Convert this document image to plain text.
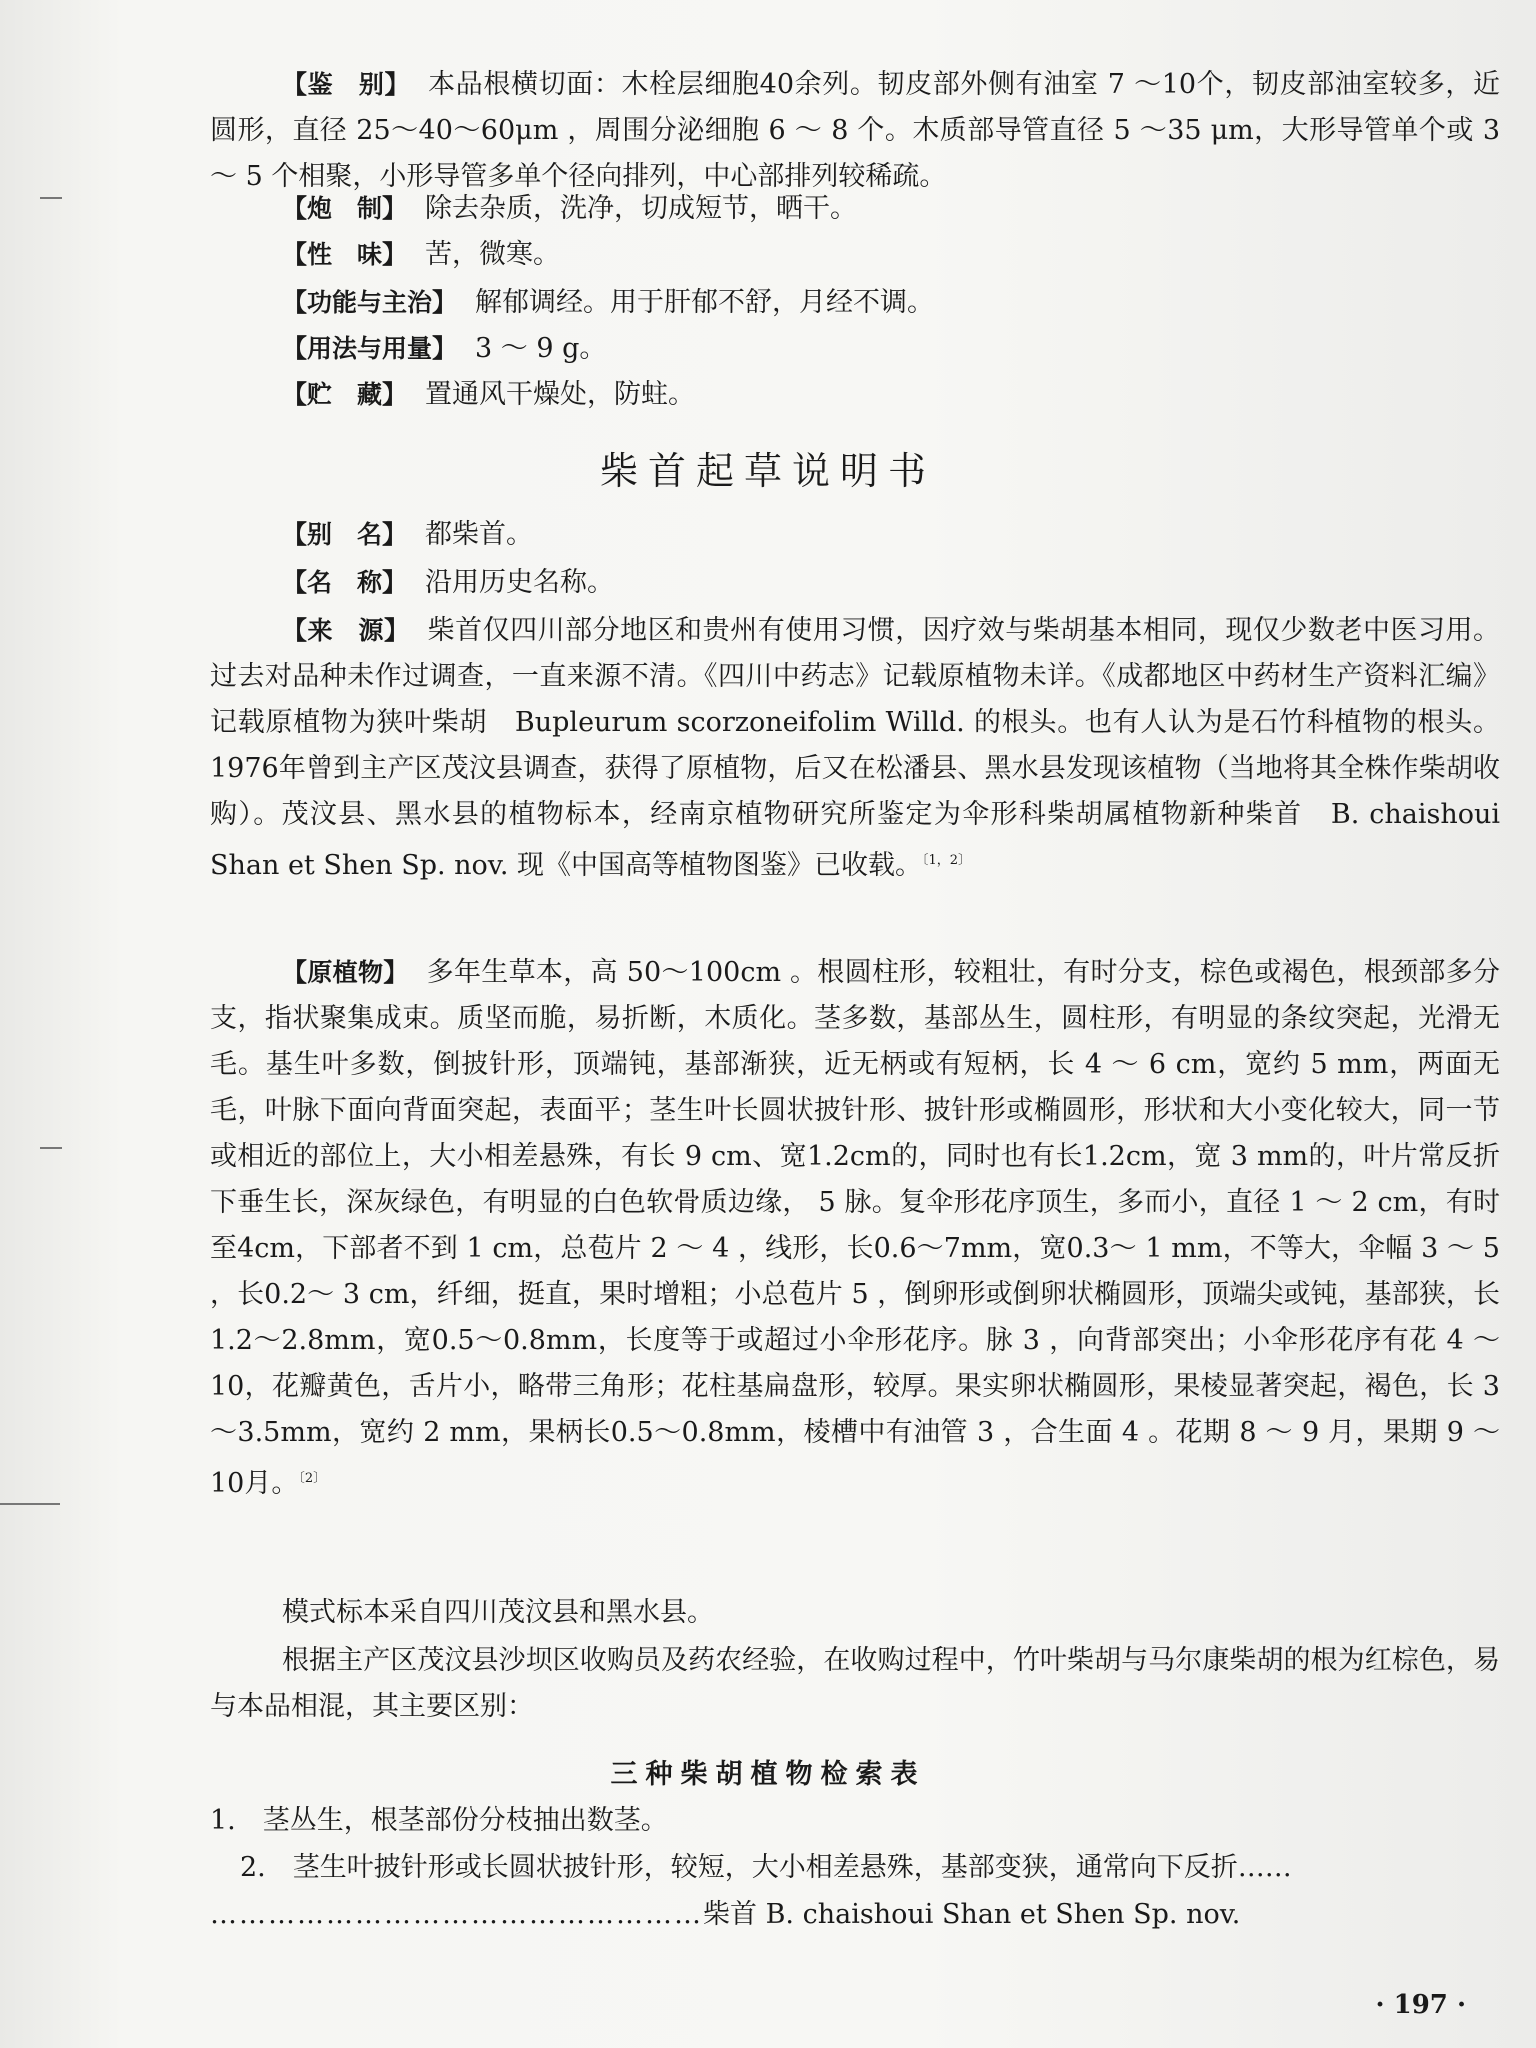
【鉴　别】 本品根横切面：木栓层细胞40余列。韧皮部外侧有油室 7 ～10个，韧皮部油室较多，近圆形，直径 25～40～60μm ，周围分泌细胞 6 ～ 8 个。木质部导管直径 5 ～35 μm，大形导管单个或 3 ～ 5 个相聚，小形导管多单个径向排列，中心部排列较稀疏。

【炮　制】 除去杂质，洗净，切成短节，晒干。

【性　味】 苦，微寒。

【功能与主治】 解郁调经。用于肝郁不舒，月经不调。

【用法与用量】 3 ～ 9 g。

【贮　藏】 置通风干燥处，防蛀。

柴首起草说明书

【别　名】 都柴首。

【名　称】 沿用历史名称。

【来　源】 柴首仅四川部分地区和贵州有使用习惯，因疗效与柴胡基本相同，现仅少数老中医习用。过去对品种未作过调查，一直来源不清。《四川中药志》记载原植物未详。《成都地区中药材生产资料汇编》记载原植物为狭叶柴胡　Bupleurum scorzoneifolim Willd. 的根头。也有人认为是石竹科植物的根头。1976年曾到主产区茂汶县调查，获得了原植物，后又在松潘县、黑水县发现该植物（当地将其全株作柴胡收购）。茂汶县、黑水县的植物标本，经南京植物研究所鉴定为伞形科柴胡属植物新种柴首　B. chaishoui Shan et Shen Sp. nov. 现《中国高等植物图鉴》已收载。$^{〔1,2〕}$

【原植物】 多年生草本，高 50～100cm 。根圆柱形，较粗壮，有时分支，棕色或褐色，根颈部多分支，指状聚集成束。质坚而脆，易折断，木质化。茎多数，基部丛生，圆柱形，有明显的条纹突起，光滑无毛。基生叶多数，倒披针形，顶端钝，基部渐狭，近无柄或有短柄，长 4 ～ 6 cm，宽约 5 mm，两面无毛，叶脉下面向背面突起，表面平；茎生叶长圆状披针形、披针形或椭圆形，形状和大小变化较大，同一节或相近的部位上，大小相差悬殊，有长 9 cm、宽1.2cm的，同时也有长1.2cm，宽 3 mm的，叶片常反折下垂生长，深灰绿色，有明显的白色软骨质边缘， 5 脉。复伞形花序顶生，多而小，直径 1 ～ 2 cm，有时至4cm，下部者不到 1 cm，总苞片 2 ～ 4 ，线形，长0.6～7mm，宽0.3～ 1 mm，不等大，伞幅 3 ～ 5 ，长0.2～ 3 cm，纤细，挺直，果时增粗；小总苞片 5 ，倒卵形或倒卵状椭圆形，顶端尖或钝，基部狭，长1.2～2.8mm，宽0.5～0.8mm，长度等于或超过小伞形花序。脉 3 ，向背部突出；小伞形花序有花 4 ～10，花瓣黄色，舌片小，略带三角形；花柱基扁盘形，较厚。果实卵状椭圆形，果棱显著突起，褐色，长 3 ～3.5mm，宽约 2 mm，果柄长0.5～0.8mm，棱槽中有油管 3 ，合生面 4 。花期 8 ～ 9 月，果期 9 ～10月。$^{〔2〕}$

模式标本采自四川茂汶县和黑水县。

根据主产区茂汶县沙坝区收购员及药农经验，在收购过程中，竹叶柴胡与马尔康柴胡的根为红棕色，易与本品相混，其主要区别：

三种柴胡植物检索表

1.　茎丛生，根茎部份分枝抽出数茎。

2.　茎生叶披针形或长圆状披针形，较短，大小相差悬殊，基部变狭，通常向下反折……

……………………………………………柴首 B. chaishoui Shan et Shen Sp. nov.

· 197 ·
